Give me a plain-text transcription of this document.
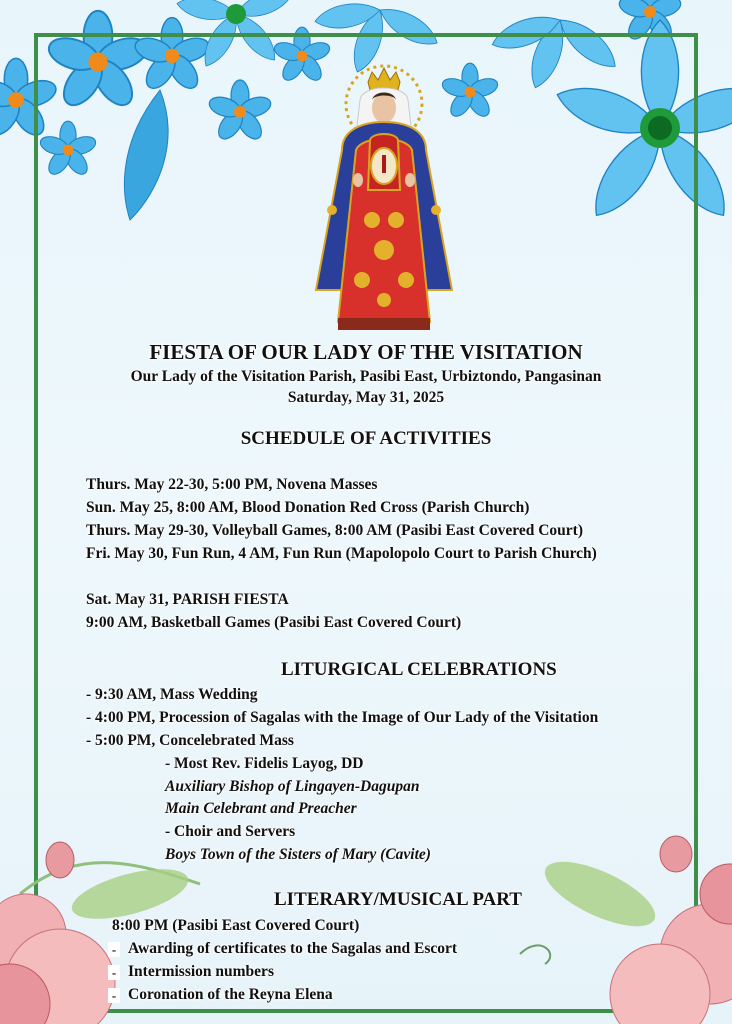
FIESTA OF OUR LADY OF THE VISITATION
Our Lady of the Visitation Parish, Pasibi East, Urbiztondo, Pangasinan
Saturday, May 31, 2025
SCHEDULE OF ACTIVITIES
Thurs. May 22-30, 5:00 PM, Novena Masses
Sun. May 25, 8:00 AM, Blood Donation Red Cross (Parish Church)
Thurs. May 29-30, Volleyball Games, 8:00 AM (Pasibi East Covered Court)
Fri. May 30, Fun Run, 4 AM, Fun Run (Mapolopolo Court to Parish Church)
Sat. May 31, PARISH FIESTA
9:00 AM, Basketball Games (Pasibi East Covered Court)
LITURGICAL CELEBRATIONS
- 9:30 AM, Mass Wedding
- 4:00 PM, Procession of Sagalas with the Image of Our Lady of the Visitation
- 5:00 PM, Concelebrated Mass
- Most Rev. Fidelis Layog, DD
Auxiliary Bishop of Lingayen-Dagupan
Main Celebrant and Preacher
- Choir and Servers
Boys Town of the Sisters of Mary (Cavite)
LITERARY/MUSICAL PART
8:00 PM (Pasibi East Covered Court)
- Awarding of certificates to the Sagalas and Escort
- Intermission numbers
- Coronation of the Reyna Elena
